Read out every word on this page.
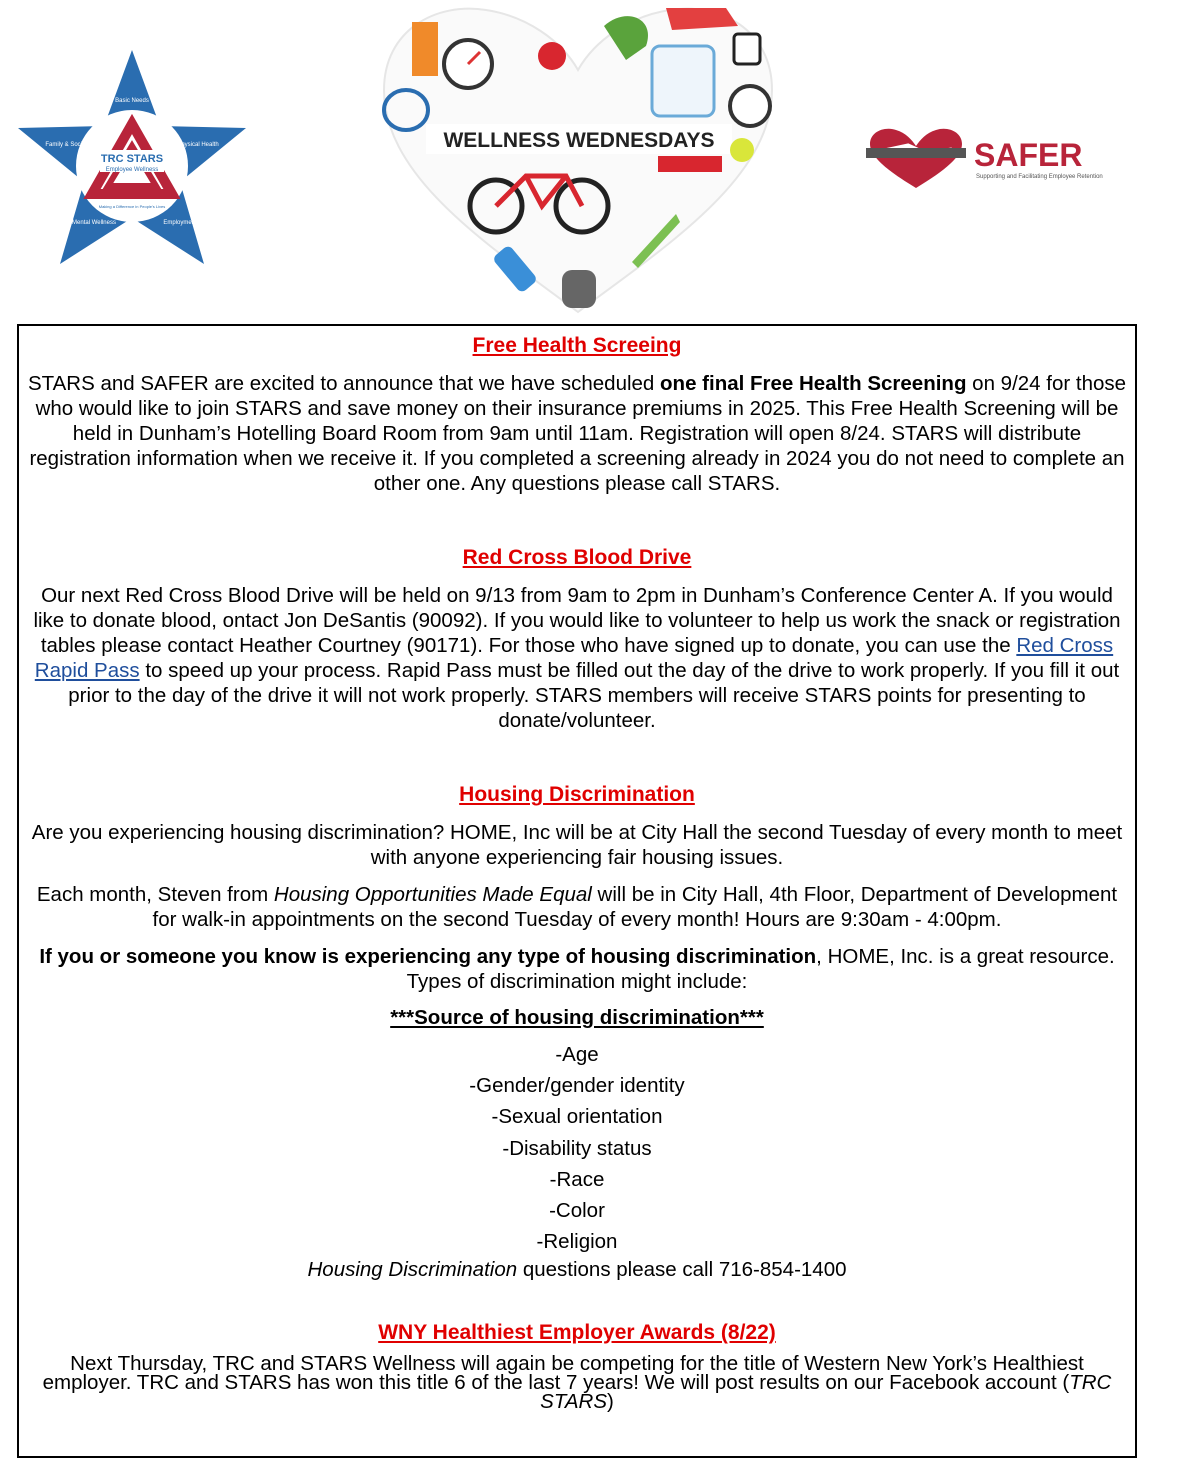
TRC STARS
Employee Wellness
Making a Difference in People's Lives
Basic Needs
Physical Health
Employment
Mental Wellness
Family & Social	WELLNESS WEDNESDAYS	SAFER
Supporting and Facilitating Employee Retention
Free Health Screeing

STARS and SAFER are excited to announce that we have scheduled one final Free Health Screening on 9/24 for those who would like to join STARS and save money on their insurance premiums in 2025. This Free Health Screening will be held in Dunham’s Hotelling Board Room from 9am until 11am. Registration will open 8/24. STARS will distribute registration information when we receive it. If you completed a screening already in 2024 you do not need to complete an other one. Any questions please call STARS.

Red Cross Blood Drive

Our next Red Cross Blood Drive will be held on 9/13 from 9am to 2pm in Dunham’s Conference Center A. If you would like to donate blood, ontact Jon DeSantis (90092). If you would like to volunteer to help us work the snack or registration tables please contact Heather Courtney (90171). For those who have signed up to donate, you can use the Red Cross Rapid Pass to speed up your process. Rapid Pass must be filled out the day of the drive to work properly. If you fill it out prior to the day of the drive it will not work properly. STARS members will receive STARS points for presenting to donate/volunteer.

Housing Discrimination

Are you experiencing housing discrimination? HOME, Inc will be at City Hall the second Tuesday of every month to meet with anyone experiencing fair housing issues.

Each month, Steven from Housing Opportunities Made Equal will be in City Hall, 4th Floor, Department of Development for walk-in appointments on the second Tuesday of every month! Hours are 9:30am - 4:00pm.

If you or someone you know is experiencing any type of housing discrimination, HOME, Inc. is a great resource. Types of discrimination might include:

***Source of housing discrimination***
-Age
-Gender/gender identity
-Sexual orientation
-Disability status
-Race
-Color
-Religion

Housing Discrimination questions please call 716-854-1400

WNY Healthiest Employer Awards (8/22)

Next Thursday, TRC and STARS Wellness will again be competing for the title of Western New York’s Healthiest employer. TRC and STARS has won this title 6 of the last 7 years! We will post results on our Facebook account (TRC STARS)
